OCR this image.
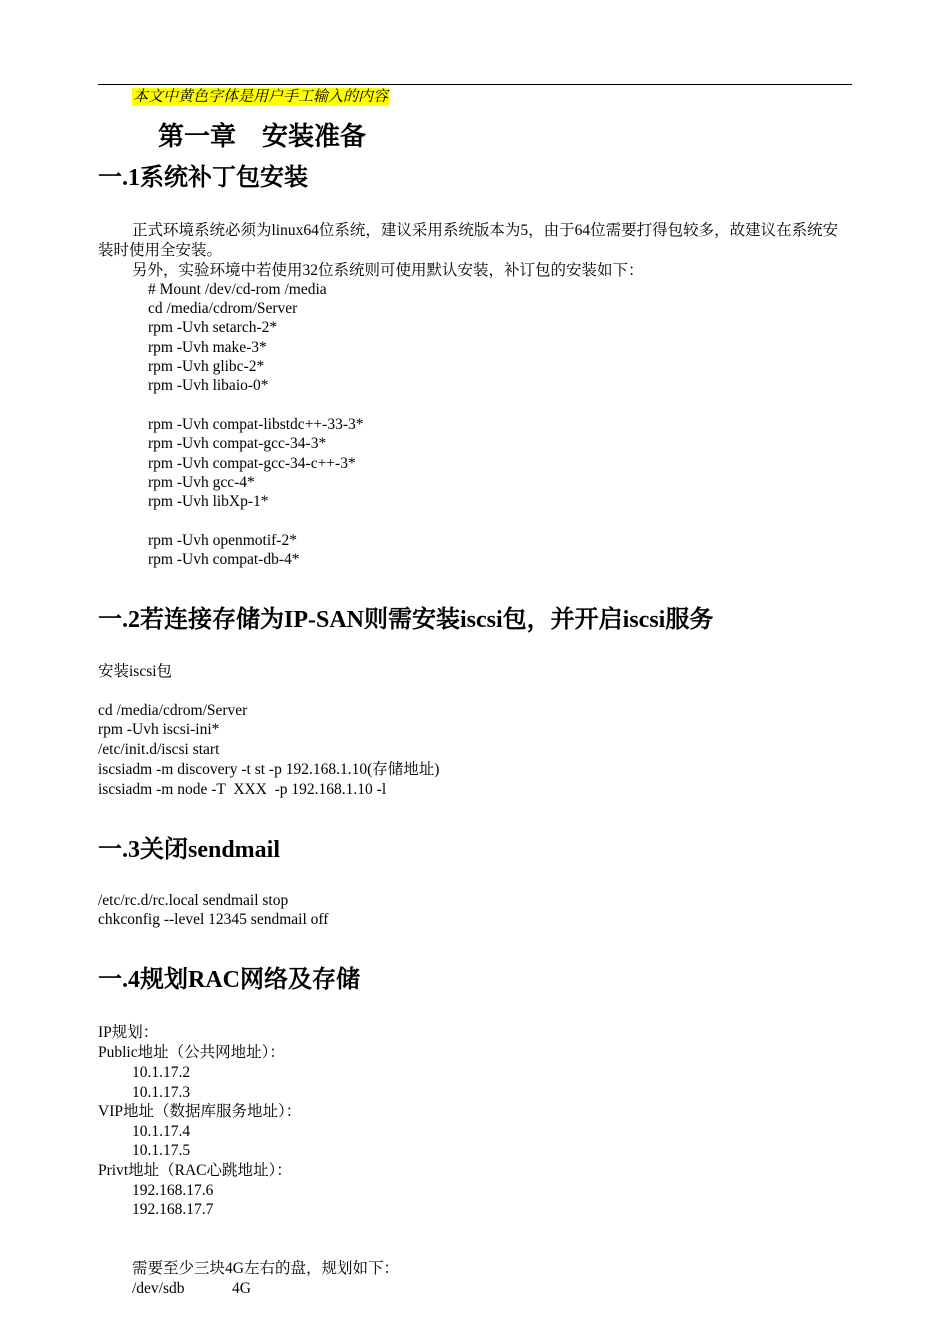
本文中黄色字体是用户手工输入的内容
第一章　安装准备
一.1系统补丁包安装
正式环境系统必须为linux64位系统，建议采用系统版本为5，由于64位需要打得包较多，故建议在系统安装时使用全安装。
另外，实验环境中若使用32位系统则可使用默认安装，补订包的安装如下：
# Mount /dev/cd-rom /media
cd /media/cdrom/Server
rpm -Uvh setarch-2*
rpm -Uvh make-3*
rpm -Uvh glibc-2*
rpm -Uvh libaio-0*
rpm -Uvh compat-libstdc++-33-3*
rpm -Uvh compat-gcc-34-3*
rpm -Uvh compat-gcc-34-c++-3*
rpm -Uvh gcc-4*
rpm -Uvh libXp-1*
rpm -Uvh openmotif-2*
rpm -Uvh compat-db-4*
一.2若连接存储为IP-SAN则需安装iscsi包，并开启iscsi服务
安装iscsi包
cd /media/cdrom/Server
rpm -Uvh iscsi-ini*
/etc/init.d/iscsi start
iscsiadm -m discovery -t st -p 192.168.1.10(存储地址)
iscsiadm -m node -T  XXX  -p 192.168.1.10 -l
一.3关闭sendmail
/etc/rc.d/rc.local sendmail stop
chkconfig --level 12345 sendmail off
一.4规划RAC网络及存储
IP规划：
Public地址（公共网地址）：
10.1.17.2
10.1.17.3
VIP地址（数据库服务地址）：
10.1.17.4
10.1.17.5
Privt地址（RAC心跳地址）：
192.168.17.6
192.168.17.7
需要至少三块4G左右的盘，规划如下：
/dev/sdb	4G
